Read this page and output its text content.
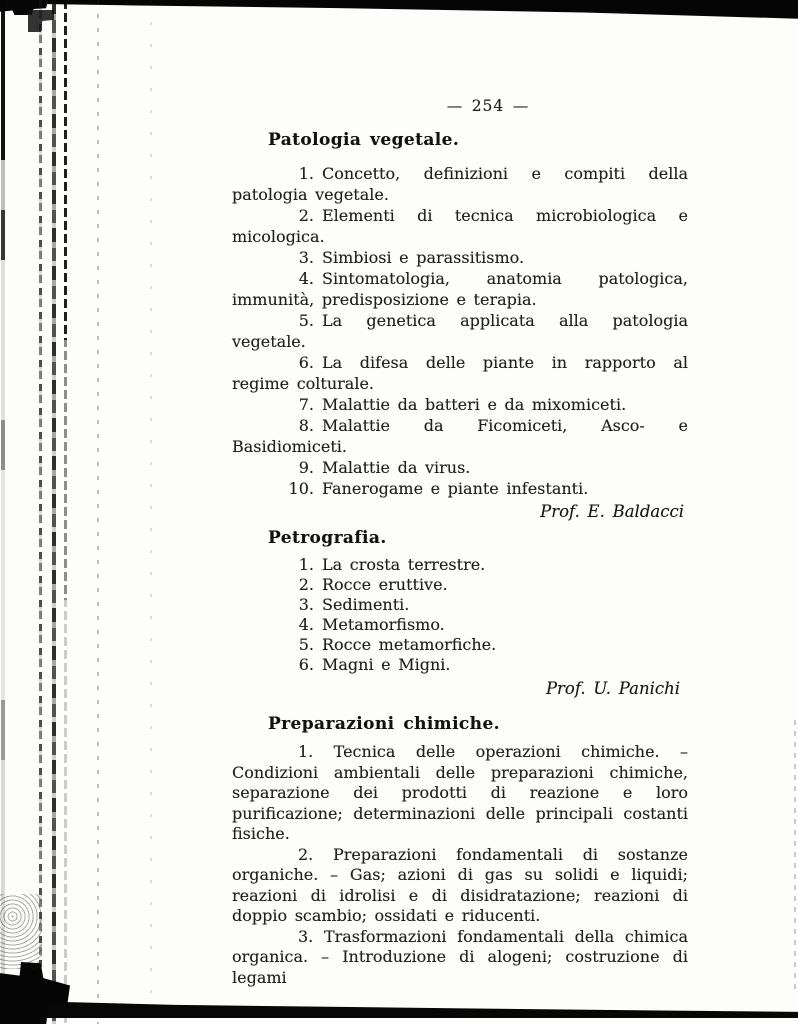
— 254 —
Patologia vegetale.
1. Concetto, definizioni e compiti della patologia vegetale.
2. Elementi di tecnica microbiologica e micologica.
3. Simbiosi e parassitismo.
4. Sintomatologia, anatomia patologica, immunità, predisposizione e terapia.
5. La genetica applicata alla patologia vegetale.
6. La difesa delle piante in rapporto al regime colturale.
7. Malattie da batteri e da mixomiceti.
8. Malattie da Ficomiceti, Asco- e Basidiomiceti.
9. Malattie da virus.
10. Fanerogame e piante infestanti.
Prof. E. Baldacci
Petrografia.
1. La crosta terrestre.
2. Rocce eruttive.
3. Sedimenti.
4. Metamorfismo.
5. Rocce metamorfiche.
6. Magni e Migni.
Prof. U. Panichi
Preparazioni chimiche.

1. Tecnica delle operazioni chimiche. – Condizioni ambientali delle preparazioni chimiche, separazione dei prodotti di reazione e loro purificazione; determinazioni delle principali costanti fisiche.

2. Preparazioni fondamentali di sostanze organiche. – Gas; azioni di gas su solidi e liquidi; reazioni di idrolisi e di disidratazione; reazioni di doppio scambio; ossidati e riducenti.

3. Trasformazioni fondamentali della chimica organica. – Introduzione di alogeni; costruzione di legami
